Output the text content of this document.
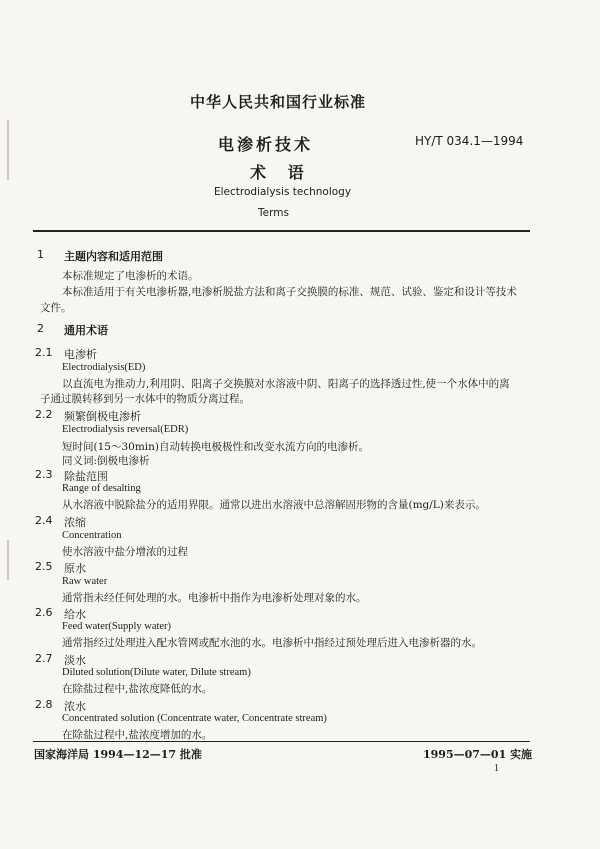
中华人民共和国行业标准
电渗析技术	HY/T 034.1—1994
术 语
Electrodialysis technology
Terms
1 主题内容和适用范围
本标准规定了电渗析的术语。
本标准适用于有关电渗析器,电渗析脱盐方法和离子交换膜的标准、规范、试验、鉴定和设计等技术
文件。
2 通用术语
2.1 电渗析
Electrodialysis(ED)
以直流电为推动力,利用阴、阳离子交换膜对水溶液中阴、阳离子的选择透过性,使一个水体中的离
子通过膜转移到另一水体中的物质分离过程。
2.2 频繁倒极电渗析
Electrodialysis reversal(EDR)
短时间(15～30min)自动转换电极极性和改变水流方向的电渗析。
同义词:倒极电渗析
2.3 除盐范围
Range of desalting
从水溶液中脱除盐分的适用界限。通常以进出水溶液中总溶解固形物的含量(mg/L)来表示。
2.4 浓缩
Concentration
使水溶液中盐分增浓的过程
2.5 原水
Raw water
通常指未经任何处理的水。电渗析中指作为电渗析处理对象的水。
2.6 给水
Feed water(Supply water)
通常指经过处理进入配水管网或配水池的水。电渗析中指经过预处理后进入电渗析器的水。
2.7 淡水
Diluted solution(Dilute water, Dilute stream)
在除盐过程中,盐浓度降低的水。
2.8 浓水
Concentrated solution (Concentrate water, Concentrate stream)
在除盐过程中,盐浓度增加的水。
国家海洋局 1994—12—17 批准	1995—07—01 实施
1
